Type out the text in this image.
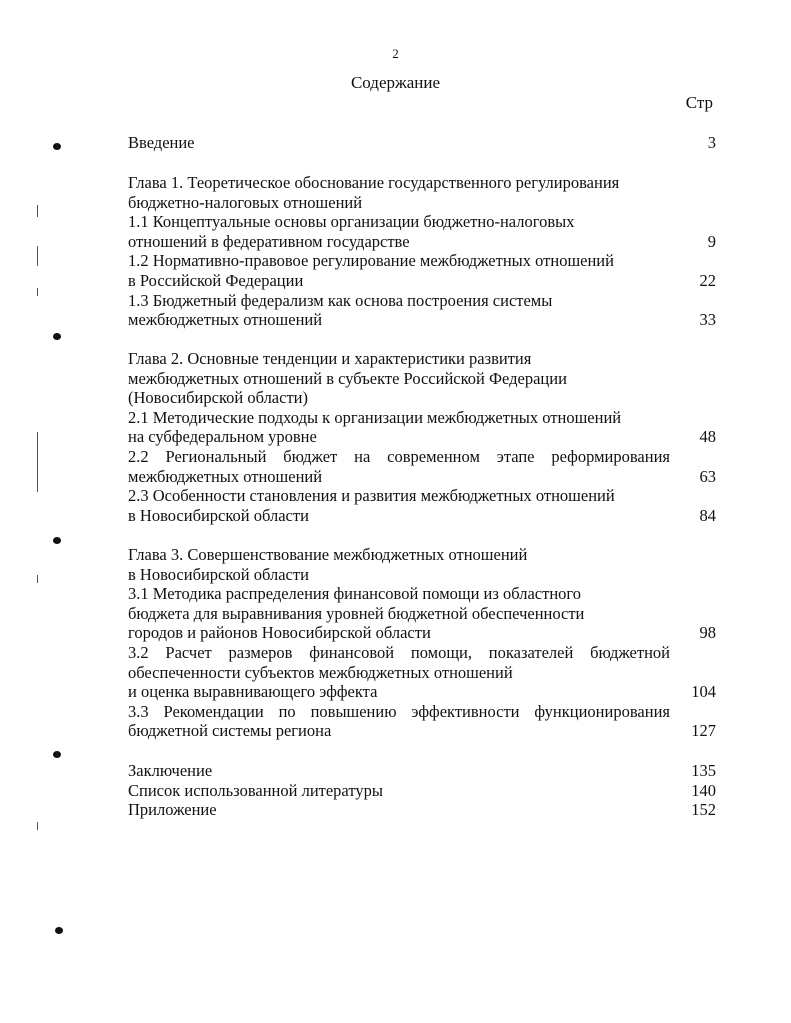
2
Содержание
Стр
Введение	3
Глава 1. Теоретическое обоснование государственного регулирования
бюджетно-налоговых отношений
1.1 Концептуальные основы организации бюджетно-налоговых
отношений в федеративном государстве	9
1.2 Нормативно-правовое регулирование межбюджетных отношений
в Российской Федерации	22
1.3 Бюджетный федерализм как основа построения системы
межбюджетных отношений	33
Глава 2. Основные тенденции и характеристики развития
межбюджетных отношений в субъекте Российской Федерации
(Новосибирской области)
2.1 Методические подходы к организации межбюджетных отношений
на субфедеральном уровне	48
2.2 Региональный бюджет на современном этапе реформирования
межбюджетных отношений	63
2.3 Особенности становления и развития межбюджетных отношений
в Новосибирской области	84
Глава 3. Совершенствование межбюджетных отношений
в Новосибирской области
3.1 Методика распределения финансовой помощи из областного
бюджета для выравнивания уровней бюджетной обеспеченности
городов и районов Новосибирской области	98
3.2 Расчет размеров финансовой помощи, показателей бюджетной
обеспеченности субъектов межбюджетных отношений
и оценка выравнивающего эффекта	104
3.3 Рекомендации по повышению эффективности функционирования
бюджетной системы региона	127
Заключение	135
Список использованной литературы	140
Приложение	152
